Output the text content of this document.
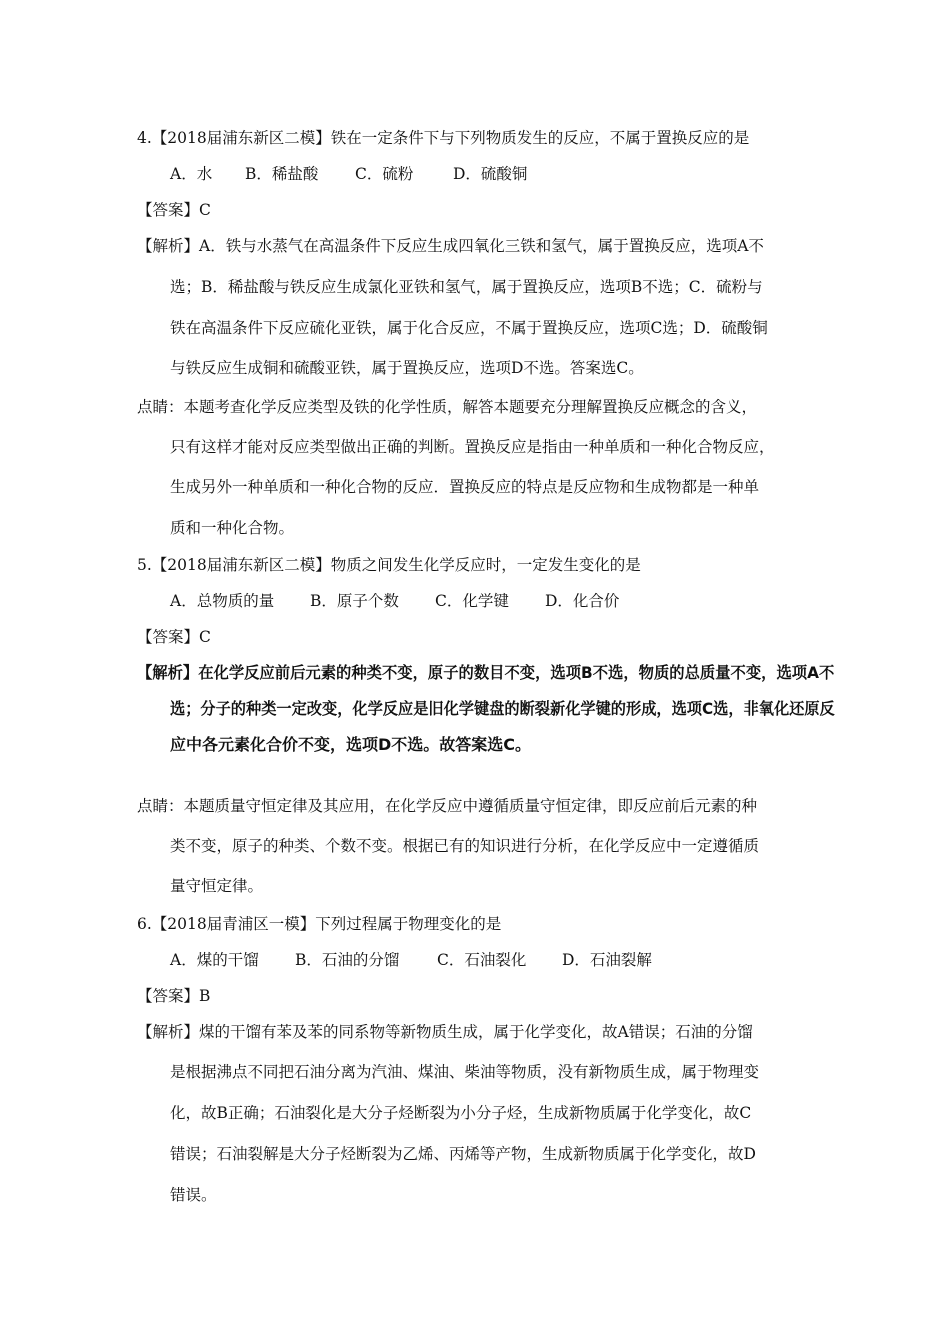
4.【2018届浦东新区二模】铁在一定条件下与下列物质发生的反应，不属于置换反应的是
A．水 B．稀盐酸 C．硫粉	D．硫酸铜
【答案】C
【解析】A．铁与水蒸气在高温条件下反应生成四氧化三铁和氢气，属于置换反应，选项A不
选；B．稀盐酸与铁反应生成氯化亚铁和氢气，属于置换反应，选项B不选；C．硫粉与
铁在高温条件下反应硫化亚铁，属于化合反应，不属于置换反应，选项C选；D．硫酸铜
与铁反应生成铜和硫酸亚铁，属于置换反应，选项D不选。答案选C。
点睛：本题考查化学反应类型及铁的化学性质，解答本题要充分理解置换反应概念的含义，
只有这样才能对反应类型做出正确的判断。置换反应是指由一种单质和一种化合物反应，
生成另外一种单质和一种化合物的反应．置换反应的特点是反应物和生成物都是一种单
质和一种化合物。
5.【2018届浦东新区二模】物质之间发生化学反应时，一定发生变化的是
A．总物质的量 B．原子个数 C．化学键 D．化合价
【答案】C
【解析】在化学反应前后元素的种类不变，原子的数目不变，选项B不选，物质的总质量不变，选项A不
选；分子的种类一定改变，化学反应是旧化学键盘的断裂新化学键的形成，选项C选，非氧化还原反
应中各元素化合价不变，选项D不选。故答案选C。
点睛：本题质量守恒定律及其应用，在化学反应中遵循质量守恒定律，即反应前后元素的种
类不变，原子的种类、个数不变。根据已有的知识进行分析，在化学反应中一定遵循质
量守恒定律。
6.【2018届青浦区一模】下列过程属于物理变化的是
A．煤的干馏 B．石油的分馏 C．石油裂化 D．石油裂解
【答案】B
【解析】煤的干馏有苯及苯的同系物等新物质生成，属于化学变化，故A错误；石油的分馏
是根据沸点不同把石油分离为汽油、煤油、柴油等物质，没有新物质生成，属于物理变
化，故B正确；石油裂化是大分子烃断裂为小分子烃，生成新物质属于化学变化，故C
错误；石油裂解是大分子烃断裂为乙烯、丙烯等产物，生成新物质属于化学变化，故D
错误。
